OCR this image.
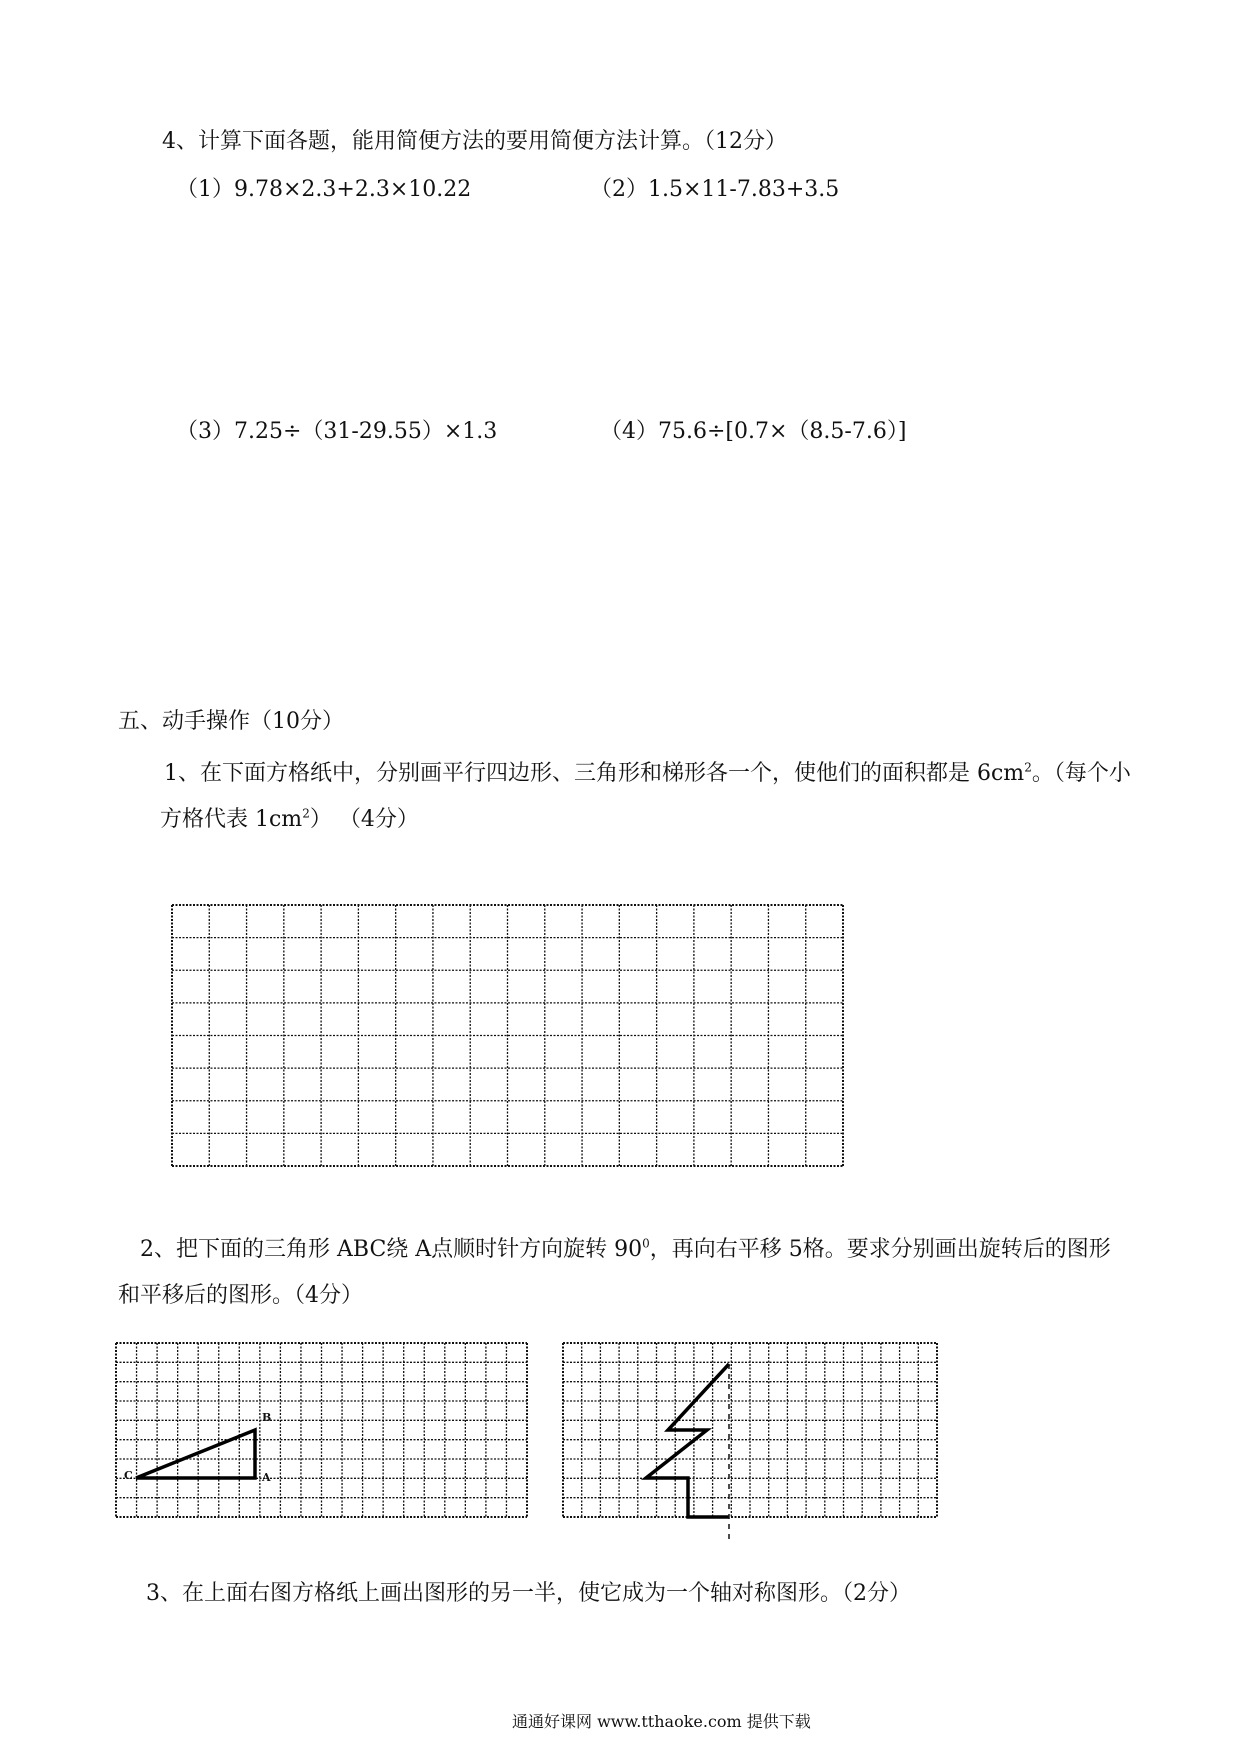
4、计算下面各题，能用简便方法的要用简便方法计算。（12分）
（1）9.78×2.3+2.3×10.22	（2）1.5×11-7.83+3.5
（3）7.25÷（31-29.55）×1.3	（4）75.6÷[0.7×（8.5-7.6）]
五、动手操作（10分）
1、在下面方格纸中，分别画平行四边形、三角形和梯形各一个，使他们的面积都是 $6cm^2$。（每个小
方格代表 $1cm^2$） （4分）
2、把下面的三角形 ABC绕 A点顺时针方向旋转 $90^0$，再向右平移 5格。要求分别画出旋转后的图形
和平移后的图形。（4分）
B
C	A
3、在上面右图方格纸上画出图形的另一半，使它成为一个轴对称图形。（2分）
通通好课网 www.tthaoke.com 提供下载
